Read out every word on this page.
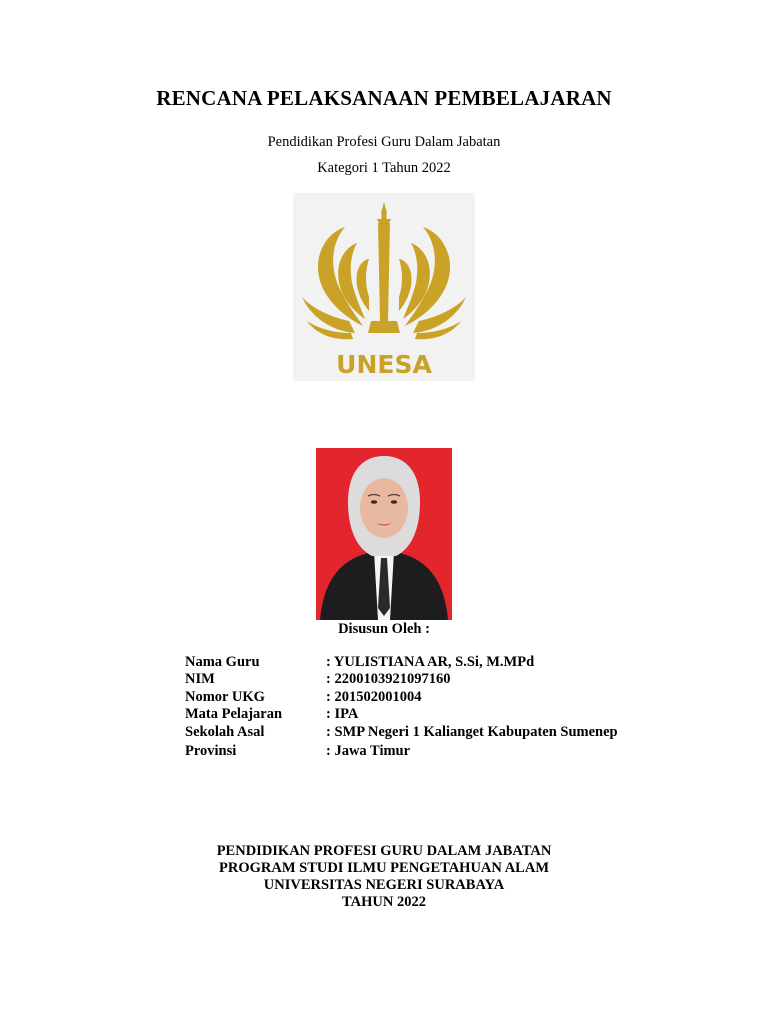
RENCANA PELAKSANAAN PEMBELAJARAN
Pendidikan Profesi Guru Dalam Jabatan
Kategori 1 Tahun 2022
UNESA
Disusun Oleh :
Nama Guru	: YULISTIANA AR, S.Si, M.MPd
NIM	: 2200103921097160
Nomor UKG	: 201502001004
Mata Pelajaran	: IPA
Sekolah Asal	: SMP Negeri 1 Kalianget Kabupaten Sumenep
Provinsi	: Jawa Timur
PENDIDIKAN PROFESI GURU DALAM JABATAN
PROGRAM STUDI ILMU PENGETAHUAN ALAM
UNIVERSITAS NEGERI SURABAYA
TAHUN 2022
